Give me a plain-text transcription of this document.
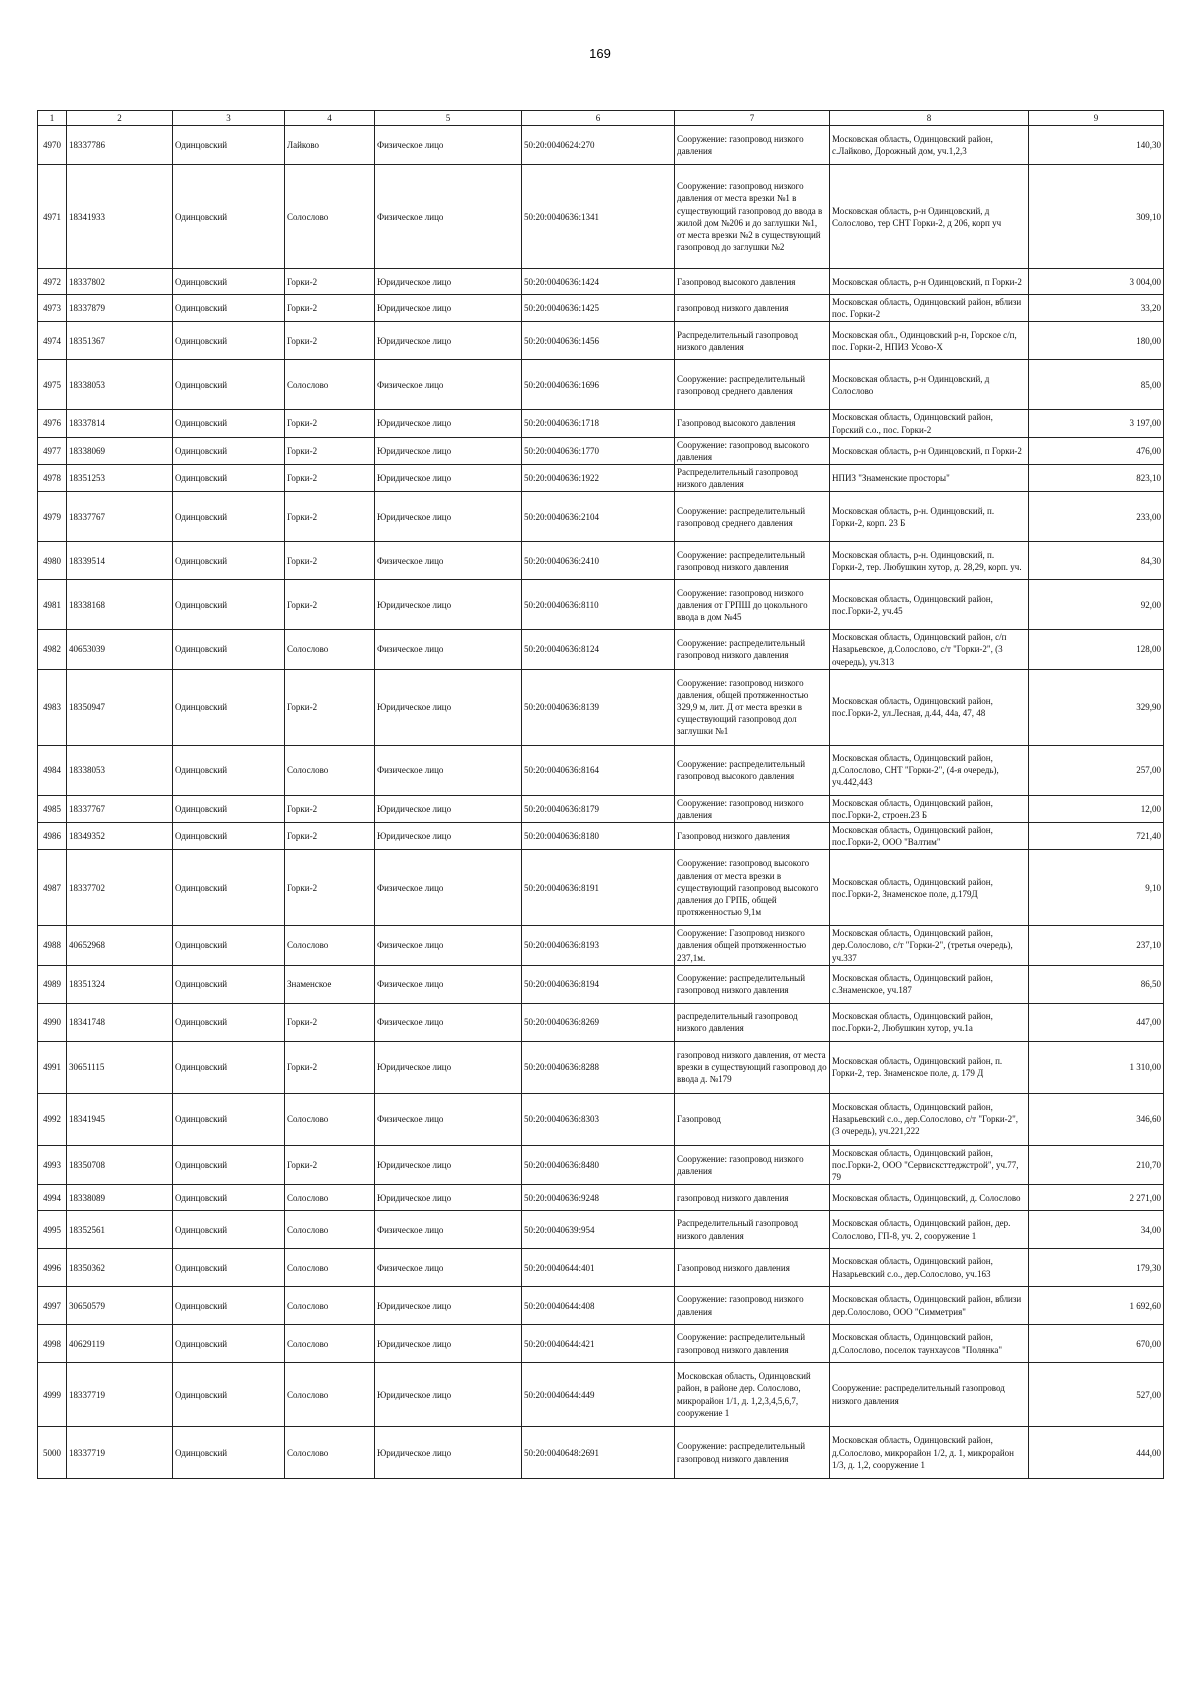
169
1	2	3	4	5	6	7	8	9
4970	18337786	Одинцовский	Лайково	Физическое лицо	50:20:0040624:270	Сооружение: газопровод низкого давления	Московская область, Одинцовский район, с.Лайково, Дорожный дом, уч.1,2,3	140,30
4971	18341933	Одинцовский	Солослово	Физическое лицо	50:20:0040636:1341	Сооружение: газопровод низкого давления от места врезки №1 в существующий газопровод до ввода в жилой дом №206 и до заглушки №1, от места врезки №2 в существующий газопровод до заглушки №2	Московская область, р-н Одинцовский, д Солослово, тер СНТ Горки-2, д 206, корп уч	309,10
4972	18337802	Одинцовский	Горки-2	Юридическое лицо	50:20:0040636:1424	Газопровод высокого давления	Московская область, р-н Одинцовский, п Горки-2	3 004,00
4973	18337879	Одинцовский	Горки-2	Юридическое лицо	50:20:0040636:1425	газопровод низкого давления	Московская область, Одинцовский район, вблизи пос. Горки-2	33,20
4974	18351367	Одинцовский	Горки-2	Юридическое лицо	50:20:0040636:1456	Распределительный газопровод низкого давления	Московская обл., Одинцовский р-н, Горское с/п, пос. Горки-2, НПИЗ Усово-Х	180,00
4975	18338053	Одинцовский	Солослово	Физическое лицо	50:20:0040636:1696	Сооружение: распределительный газопровод среднего давления	Московская область, р-н Одинцовский, д Солослово	85,00
4976	18337814	Одинцовский	Горки-2	Юридическое лицо	50:20:0040636:1718	Газопровод высокого давления	Московская область, Одинцовский район, Горский с.о., пос. Горки-2	3 197,00
4977	18338069	Одинцовский	Горки-2	Юридическое лицо	50:20:0040636:1770	Сооружение: газопровод высокого давления	Московская область, р-н Одинцовский, п Горки-2	476,00
4978	18351253	Одинцовский	Горки-2	Юридическое лицо	50:20:0040636:1922	Распределительный газопровод низкого давления	НПИЗ "Знаменские просторы"	823,10
4979	18337767	Одинцовский	Горки-2	Юридическое лицо	50:20:0040636:2104	Сооружение: распределительный газопровод среднего давления	Московская область, р-н. Одинцовский, п. Горки-2, корп. 23 Б	233,00
4980	18339514	Одинцовский	Горки-2	Физическое лицо	50:20:0040636:2410	Сооружение: распределительный газопровод низкого давления	Московская область, р-н. Одинцовский, п. Горки-2, тер. Любушкин хутор, д. 28,29, корп. уч.	84,30
4981	18338168	Одинцовский	Горки-2	Юридическое лицо	50:20:0040636:8110	Сооружение: газопровод низкого давления от ГРПШ до цокольного ввода в дом №45	Московская область, Одинцовский район, пос.Горки-2, уч.45	92,00
4982	40653039	Одинцовский	Солослово	Физическое лицо	50:20:0040636:8124	Сооружение: распределительный газопровод низкого давления	Московская область, Одинцовский район, с/п Назарьевское, д.Солослово, с/т "Горки-2", (3 очередь), уч.313	128,00
4983	18350947	Одинцовский	Горки-2	Юридическое лицо	50:20:0040636:8139	Сооружение: газопровод низкого давления, общей протяженностью 329,9 м, лит. Д от места врезки в существующий газопровод дол заглушки №1	Московская область, Одинцовский район, пос.Горки-2, ул.Лесная, д.44, 44а, 47, 48	329,90
4984	18338053	Одинцовский	Солослово	Физическое лицо	50:20:0040636:8164	Сооружение: распределительный газопровод высокого давления	Московская область, Одинцовский район, д.Солослово, СНТ "Горки-2", (4-я очередь), уч.442,443	257,00
4985	18337767	Одинцовский	Горки-2	Юридическое лицо	50:20:0040636:8179	Сооружение: газопровод низкого давления	Московская область, Одинцовский район, пос.Горки-2, строен.23 Б	12,00
4986	18349352	Одинцовский	Горки-2	Юридическое лицо	50:20:0040636:8180	Газопровод низкого давления	Московская область, Одинцовский район, пос.Горки-2, ООО "Валтим"	721,40
4987	18337702	Одинцовский	Горки-2	Физическое лицо	50:20:0040636:8191	Сооружение: газопровод высокого давления от места врезки в существующий газопровод высокого давления до ГРПБ, общей протяженностью 9,1м	Московская область, Одинцовский район, пос.Горки-2, Знаменское поле, д.179Д	9,10
4988	40652968	Одинцовский	Солослово	Физическое лицо	50:20:0040636:8193	Сооружение: Газопровод низкого давления общей протяженностью 237,1м.	Московская область, Одинцовский район, дер.Солослово, с/т "Горки-2", (третья очередь), уч.337	237,10
4989	18351324	Одинцовский	Знаменское	Физическое лицо	50:20:0040636:8194	Сооружение: распределительный газопровод низкого давления	Московская область, Одинцовский район, с.Знаменское, уч.187	86,50
4990	18341748	Одинцовский	Горки-2	Физическое лицо	50:20:0040636:8269	распределительный газопровод низкого давления	Московская область, Одинцовский район, пос.Горки-2, Любушкин хутор, уч.1а	447,00
4991	30651115	Одинцовский	Горки-2	Юридическое лицо	50:20:0040636:8288	газопровод низкого давления, от места врезки в существующий газопровод до ввода д. №179	Московская область, Одинцовский район, п. Горки-2, тер. Знаменское поле, д. 179 Д	1 310,00
4992	18341945	Одинцовский	Солослово	Физическое лицо	50:20:0040636:8303	Газопровод	Московская область, Одинцовский район, Назарьевский с.о., дер.Солослово, с/т "Горки-2", (3 очередь), уч.221,222	346,60
4993	18350708	Одинцовский	Горки-2	Юридическое лицо	50:20:0040636:8480	Сооружение: газопровод низкого давления	Московская область, Одинцовский район, пос.Горки-2, ООО "Сервисксттеджстрой", уч.77, 79	210,70
4994	18338089	Одинцовский	Солослово	Юридическое лицо	50:20:0040636:9248	газопровод низкого давления	Московская область, Одинцовский, д. Солослово	2 271,00
4995	18352561	Одинцовский	Солослово	Физическое лицо	50:20:0040639:954	Распределительный газопровод низкого давления	Московская область, Одинцовский район, дер. Солослово, ГП-8, уч. 2, сооружение 1	34,00
4996	18350362	Одинцовский	Солослово	Физическое лицо	50:20:0040644:401	Газопровод низкого давления	Московская область, Одинцовский район, Назарьевский с.о., дер.Солослово, уч.163	179,30
4997	30650579	Одинцовский	Солослово	Юридическое лицо	50:20:0040644:408	Сооружение: газопровод низкого давления	Московская область, Одинцовский район, вблизи дер.Солослово, ООО "Симметрия"	1 692,60
4998	40629119	Одинцовский	Солослово	Юридическое лицо	50:20:0040644:421	Сооружение: распределительный газопровод низкого давления	Московская область, Одинцовский район, д.Солослово, поселок таунхаусов "Полянка"	670,00
4999	18337719	Одинцовский	Солослово	Юридическое лицо	50:20:0040644:449	Московская область, Одинцовский район, в районе дер. Солослово, микрорайон 1/1, д. 1,2,3,4,5,6,7, сооружение 1	Сооружение: распределительный газопровод низкого давления	527,00
5000	18337719	Одинцовский	Солослово	Юридическое лицо	50:20:0040648:2691	Сооружение: распределительный газопровод низкого давления	Московская область, Одинцовский район, д.Солослово, микрорайон 1/2, д. 1, микрорайон 1/3, д. 1,2, сооружение 1	444,00
